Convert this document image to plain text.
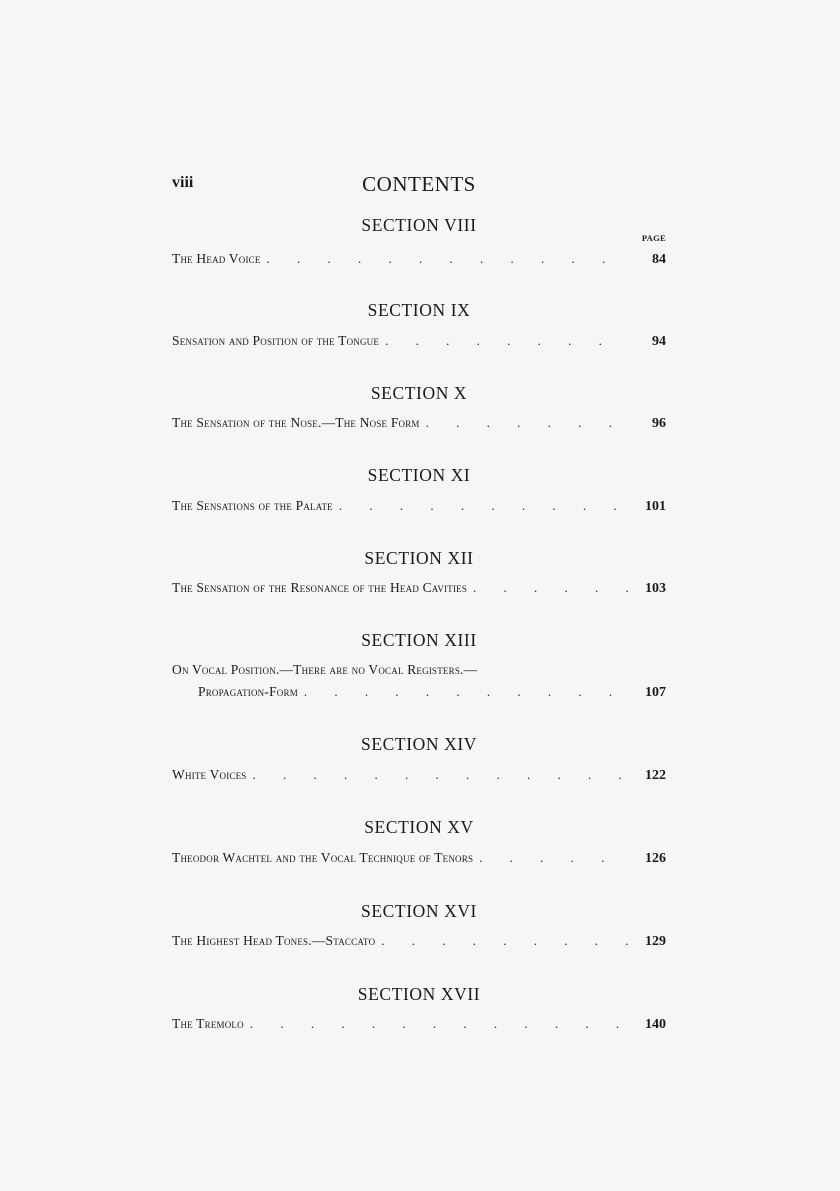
viii	CONTENTS
PAGE
SECTION VIII
The Head Voice . . .	84
SECTION IX
Sensation and Position of the Tongue . . .	94
SECTION X
The Sensation of the Nose.—The Nose Form . . .	96
SECTION XI
The Sensations of the Palate . . .	101
SECTION XII
The Sensation of the Resonance of the Head Cavities . . .	103
SECTION XIII
On Vocal Position.—There are no Vocal Registers.—
Propagation-Form . . .	107
SECTION XIV
White Voices . . .	122
SECTION XV
Theodor Wachtel and the Vocal Technique of Tenors . . .	126
SECTION XVI
The Highest Head Tones.—Staccato . . .	129
SECTION XVII
The Tremolo . . .	140
